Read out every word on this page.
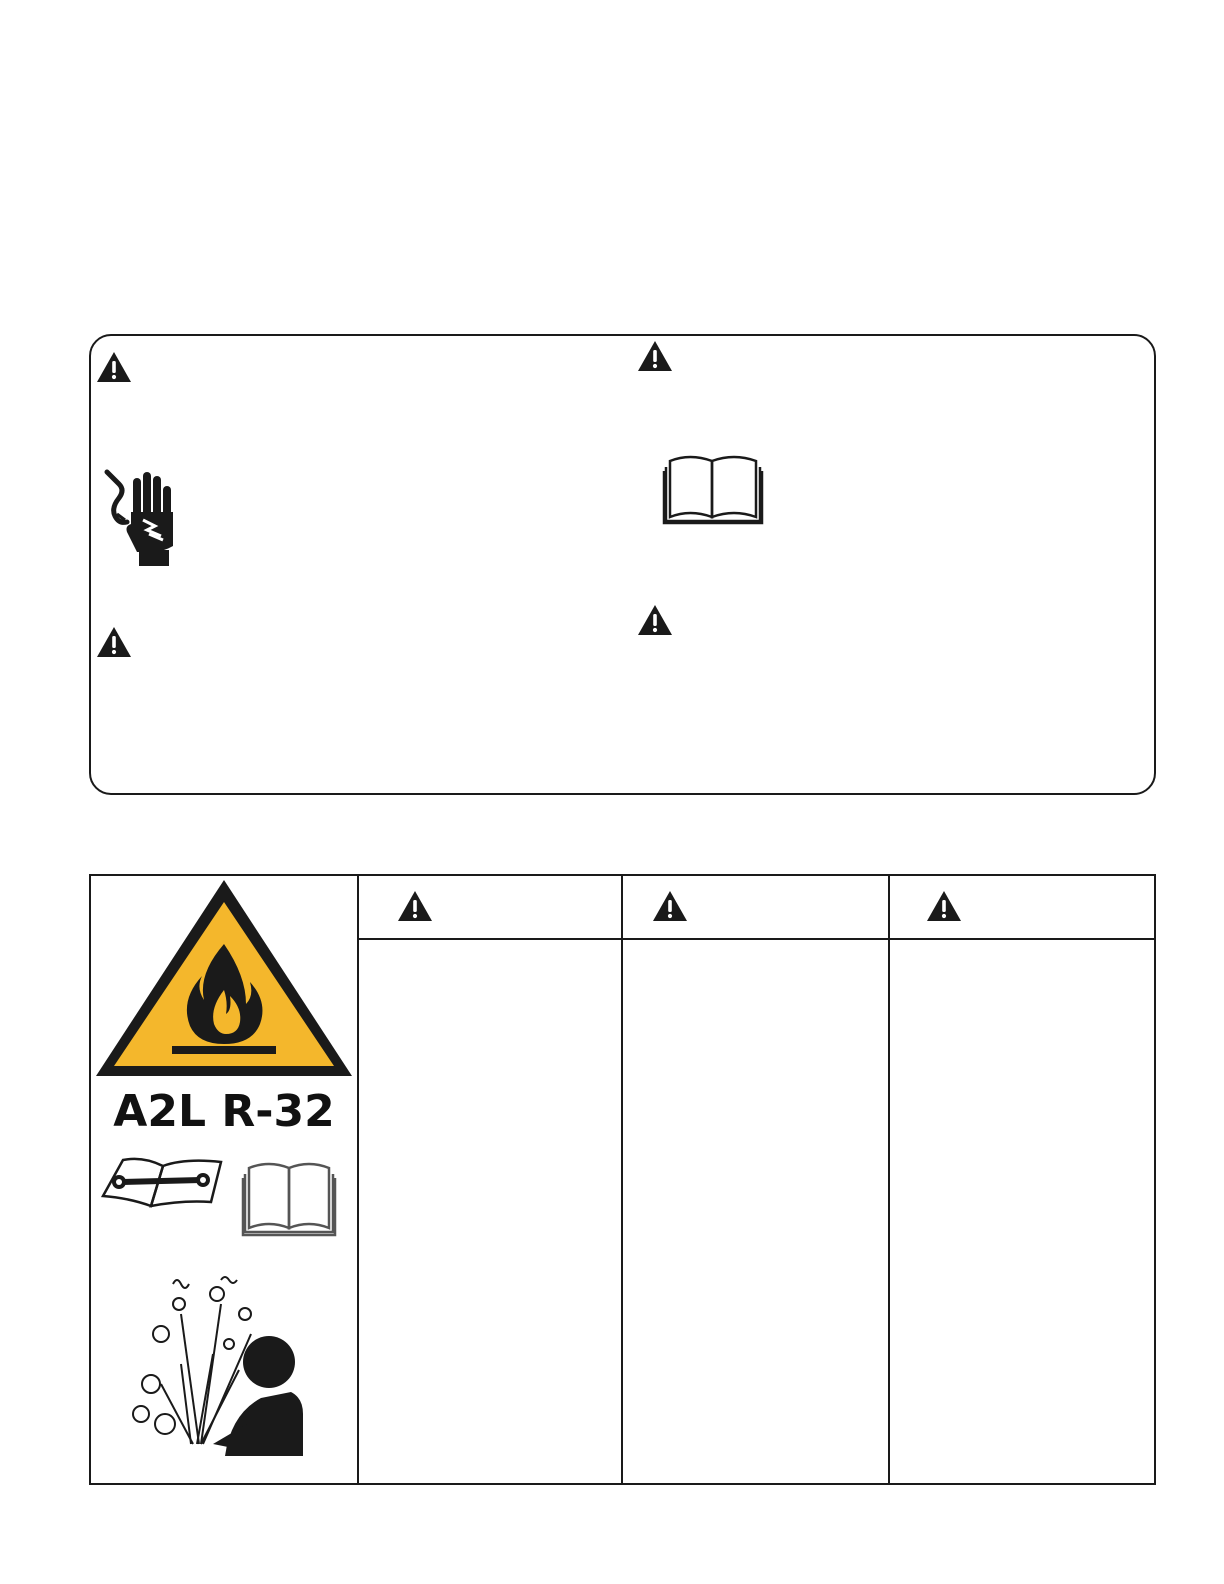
A2L R-32
